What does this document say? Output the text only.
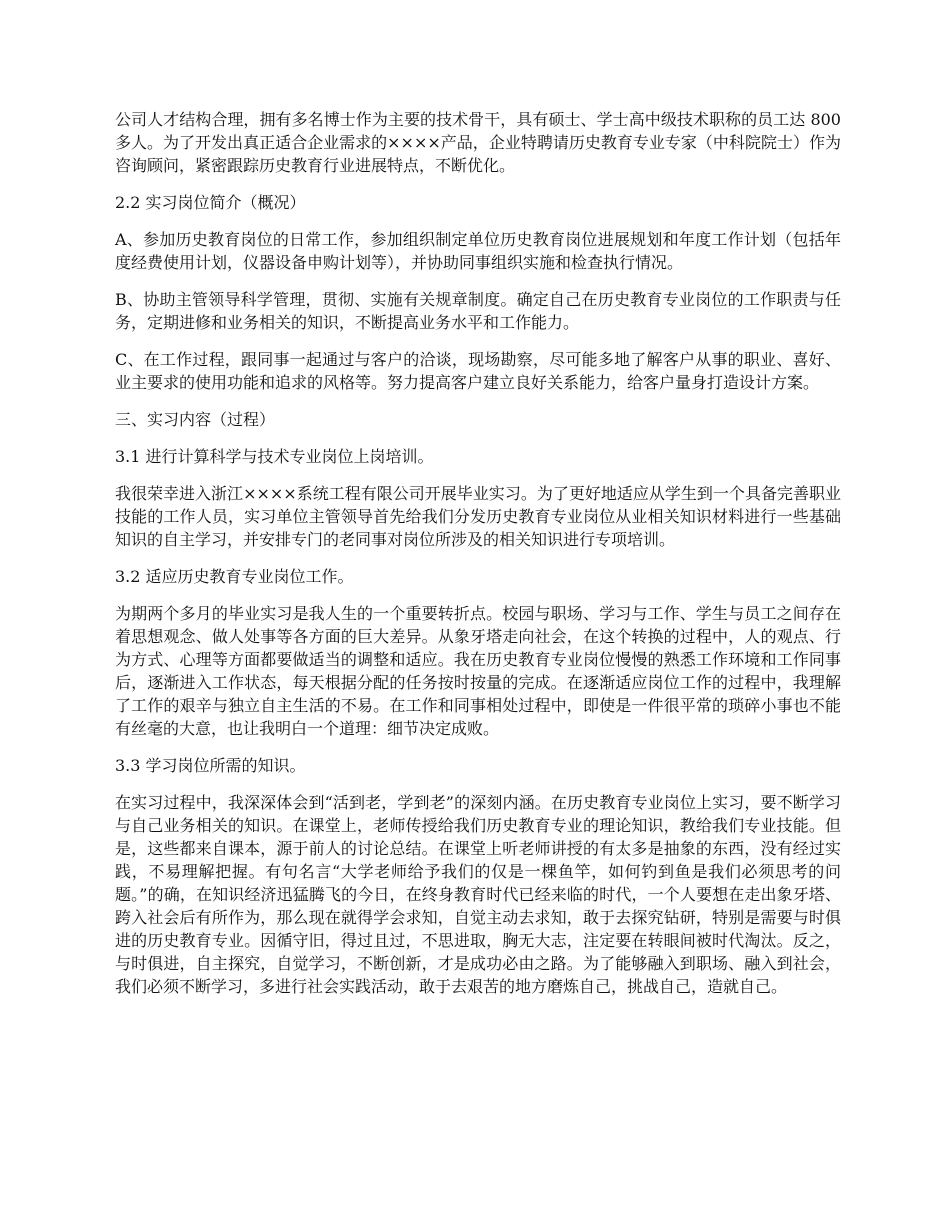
公司人才结构合理，拥有多名博士作为主要的技术骨干，具有硕士、学士高中级技术职称的员工达 800 多人。为了开发出真正适合企业需求的××××产品，企业特聘请历史教育专业专家（中科院院士）作为咨询顾问，紧密跟踪历史教育行业进展特点，不断优化。

2.2 实习岗位简介（概况）

A、参加历史教育岗位的日常工作，参加组织制定单位历史教育岗位进展规划和年度工作计划（包括年度经费使用计划，仪器设备申购计划等），并协助同事组织实施和检查执行情况。

B、协助主管领导科学管理，贯彻、实施有关规章制度。确定自己在历史教育专业岗位的工作职责与任务，定期进修和业务相关的知识，不断提高业务水平和工作能力。

C、在工作过程，跟同事一起通过与客户的洽谈，现场勘察，尽可能多地了解客户从事的职业、喜好、业主要求的使用功能和追求的风格等。努力提高客户建立良好关系能力，给客户量身打造设计方案。

三、实习内容（过程）

3.1 进行计算科学与技术专业岗位上岗培训。

我很荣幸进入浙江××××系统工程有限公司开展毕业实习。为了更好地适应从学生到一个具备完善职业技能的工作人员，实习单位主管领导首先给我们分发历史教育专业岗位从业相关知识材料进行一些基础知识的自主学习，并安排专门的老同事对岗位所涉及的相关知识进行专项培训。

3.2 适应历史教育专业岗位工作。

为期两个多月的毕业实习是我人生的一个重要转折点。校园与职场、学习与工作、学生与员工之间存在着思想观念、做人处事等各方面的巨大差异。从象牙塔走向社会，在这个转换的过程中，人的观点、行为方式、心理等方面都要做适当的调整和适应。我在历史教育专业岗位慢慢的熟悉工作环境和工作同事后，逐渐进入工作状态，每天根据分配的任务按时按量的完成。在逐渐适应岗位工作的过程中，我理解了工作的艰辛与独立自主生活的不易。在工作和同事相处过程中，即使是一件很平常的琐碎小事也不能有丝毫的大意，也让我明白一个道理：细节决定成败。

3.3 学习岗位所需的知识。

在实习过程中，我深深体会到“活到老，学到老”的深刻内涵。在历史教育专业岗位上实习，要不断学习与自己业务相关的知识。在课堂上，老师传授给我们历史教育专业的理论知识，教给我们专业技能。但是，这些都来自课本，源于前人的讨论总结。在课堂上听老师讲授的有太多是抽象的东西，没有经过实践，不易理解把握。有句名言“大学老师给予我们的仅是一棵鱼竿，如何钓到鱼是我们必须思考的问题。”的确，在知识经济迅猛腾飞的今日，在终身教育时代已经来临的时代，一个人要想在走出象牙塔、跨入社会后有所作为，那么现在就得学会求知，自觉主动去求知，敢于去探究钻研，特别是需要与时俱进的历史教育专业。因循守旧，得过且过，不思进取，胸无大志，注定要在转眼间被时代淘汰。反之，与时俱进，自主探究，自觉学习，不断创新，才是成功必由之路。为了能够融入到职场、融入到社会，我们必须不断学习，多进行社会实践活动，敢于去艰苦的地方磨炼自己，挑战自己，造就自己。
